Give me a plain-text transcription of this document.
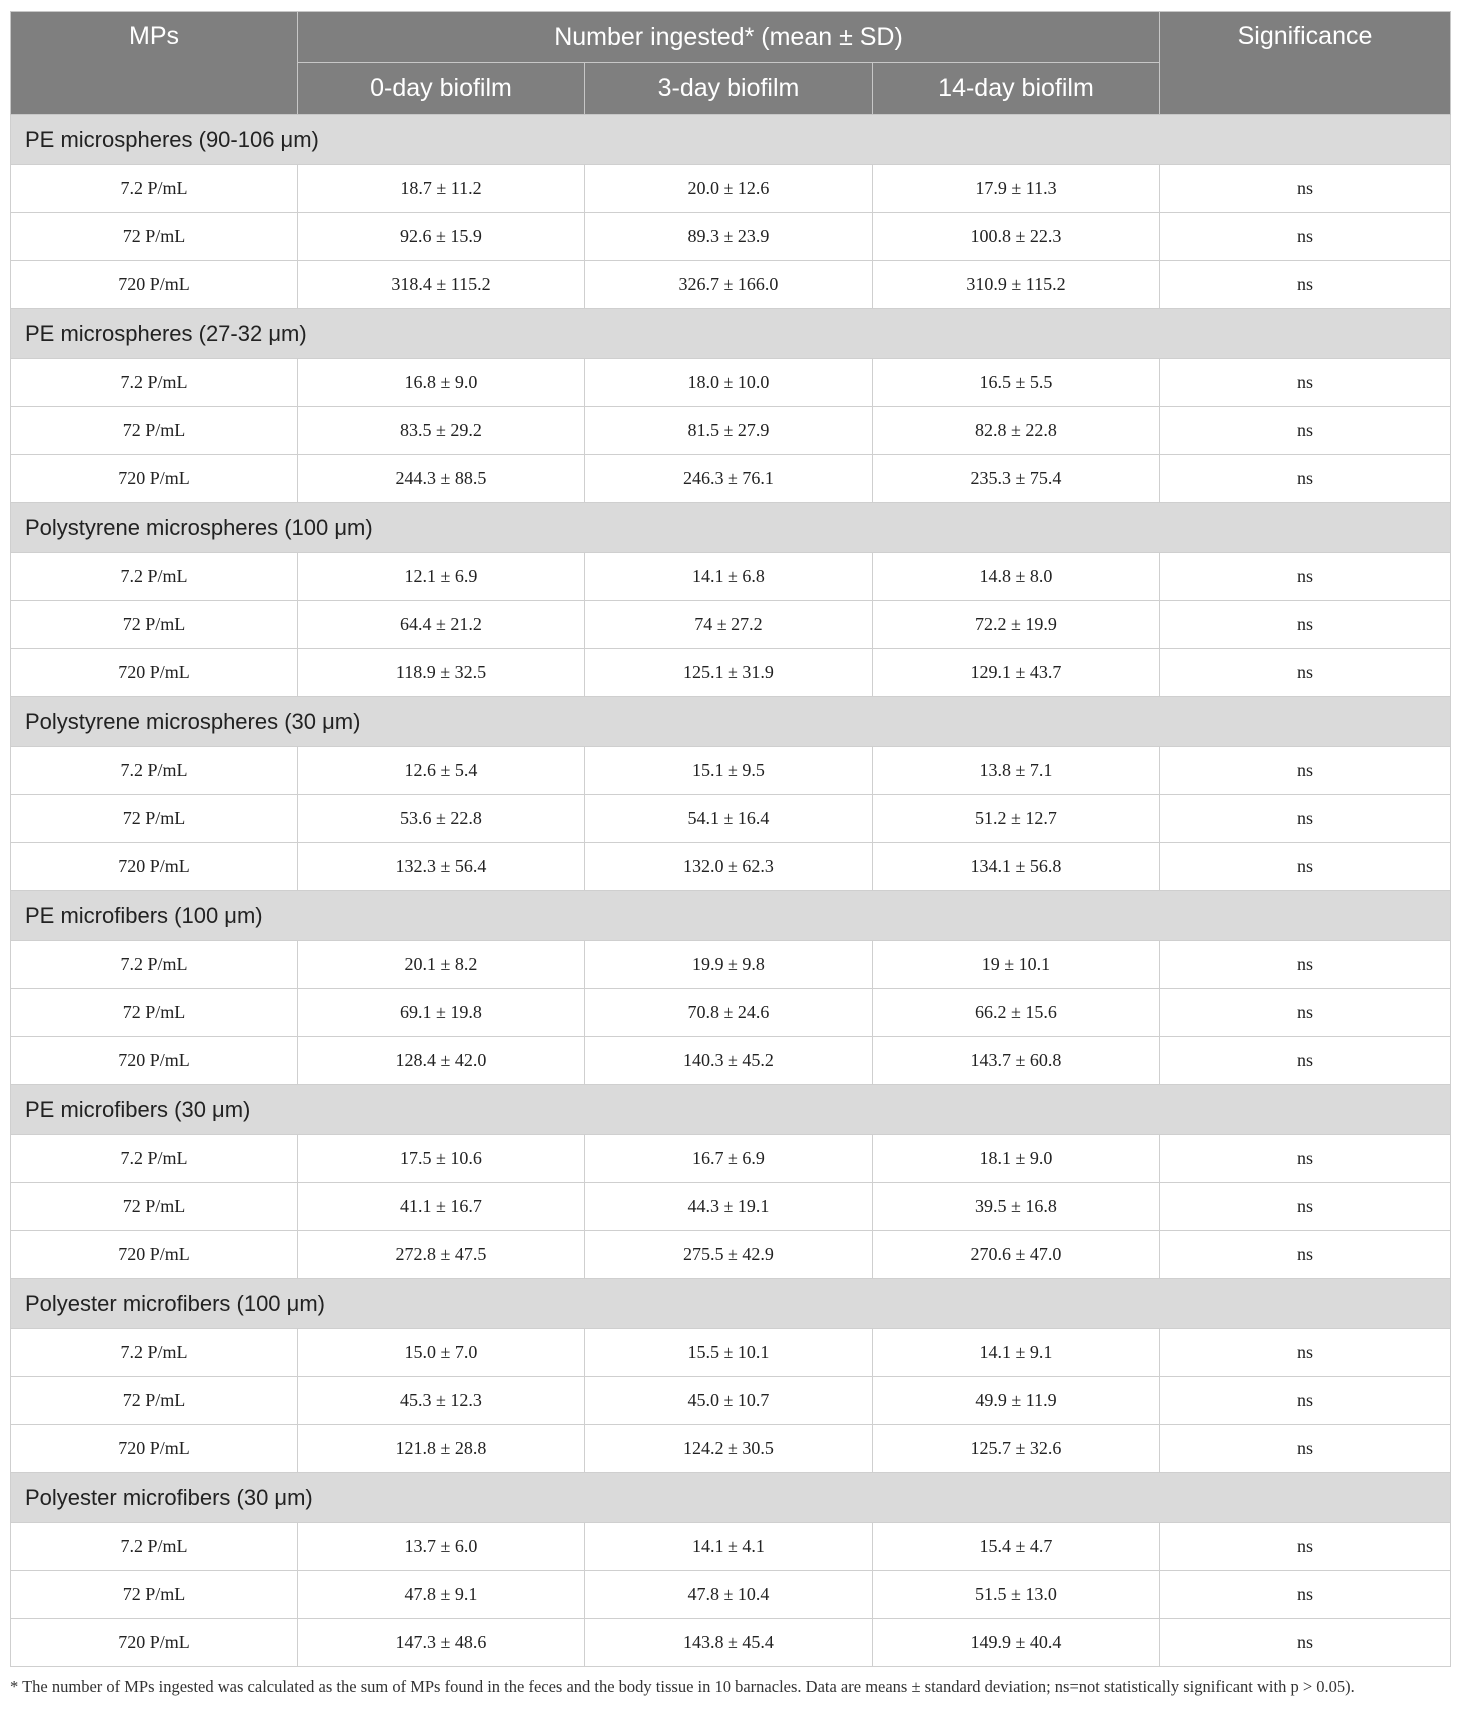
MPs	Number ingested* (mean ± SD)			Significance
	0-day biofilm	3-day biofilm	14-day biofilm	
PE microspheres (90-106 μm)				
7.2 P/mL	18.7 ± 11.2	20.0 ± 12.6	17.9 ± 11.3	ns
72 P/mL	92.6 ± 15.9	89.3 ± 23.9	100.8 ± 22.3	ns
720 P/mL	318.4 ± 115.2	326.7 ± 166.0	310.9 ± 115.2	ns
PE microspheres (27-32 μm)				
7.2 P/mL	16.8 ± 9.0	18.0 ± 10.0	16.5 ± 5.5	ns
72 P/mL	83.5 ± 29.2	81.5 ± 27.9	82.8 ± 22.8	ns
720 P/mL	244.3 ± 88.5	246.3 ± 76.1	235.3 ± 75.4	ns
Polystyrene microspheres (100 μm)				
7.2 P/mL	12.1 ± 6.9	14.1 ± 6.8	14.8 ± 8.0	ns
72 P/mL	64.4 ± 21.2	74 ± 27.2	72.2 ± 19.9	ns
720 P/mL	118.9 ± 32.5	125.1 ± 31.9	129.1 ± 43.7	ns
Polystyrene microspheres (30 μm)				
7.2 P/mL	12.6 ± 5.4	15.1 ± 9.5	13.8 ± 7.1	ns
72 P/mL	53.6 ± 22.8	54.1 ± 16.4	51.2 ± 12.7	ns
720 P/mL	132.3 ± 56.4	132.0 ± 62.3	134.1 ± 56.8	ns
PE microfibers (100 μm)				
7.2 P/mL	20.1 ± 8.2	19.9 ± 9.8	19 ± 10.1	ns
72 P/mL	69.1 ± 19.8	70.8 ± 24.6	66.2 ± 15.6	ns
720 P/mL	128.4 ± 42.0	140.3 ± 45.2	143.7 ± 60.8	ns
PE microfibers (30 μm)				
7.2 P/mL	17.5 ± 10.6	16.7 ± 6.9	18.1 ± 9.0	ns
72 P/mL	41.1 ± 16.7	44.3 ± 19.1	39.5 ± 16.8	ns
720 P/mL	272.8 ± 47.5	275.5 ± 42.9	270.6 ± 47.0	ns
Polyester microfibers (100 μm)				
7.2 P/mL	15.0 ± 7.0	15.5 ± 10.1	14.1 ± 9.1	ns
72 P/mL	45.3 ± 12.3	45.0 ± 10.7	49.9 ± 11.9	ns
720 P/mL	121.8 ± 28.8	124.2 ± 30.5	125.7 ± 32.6	ns
Polyester microfibers (30 μm)				
7.2 P/mL	13.7 ± 6.0	14.1 ± 4.1	15.4 ± 4.7	ns
72 P/mL	47.8 ± 9.1	47.8 ± 10.4	51.5 ± 13.0	ns
720 P/mL	147.3 ± 48.6	143.8 ± 45.4	149.9 ± 40.4	ns
* The number of MPs ingested was calculated as the sum of MPs found in the feces and the body tissue in 10 barnacles. Data are means ± standard deviation; ns=not statistically significant with p > 0.05).
